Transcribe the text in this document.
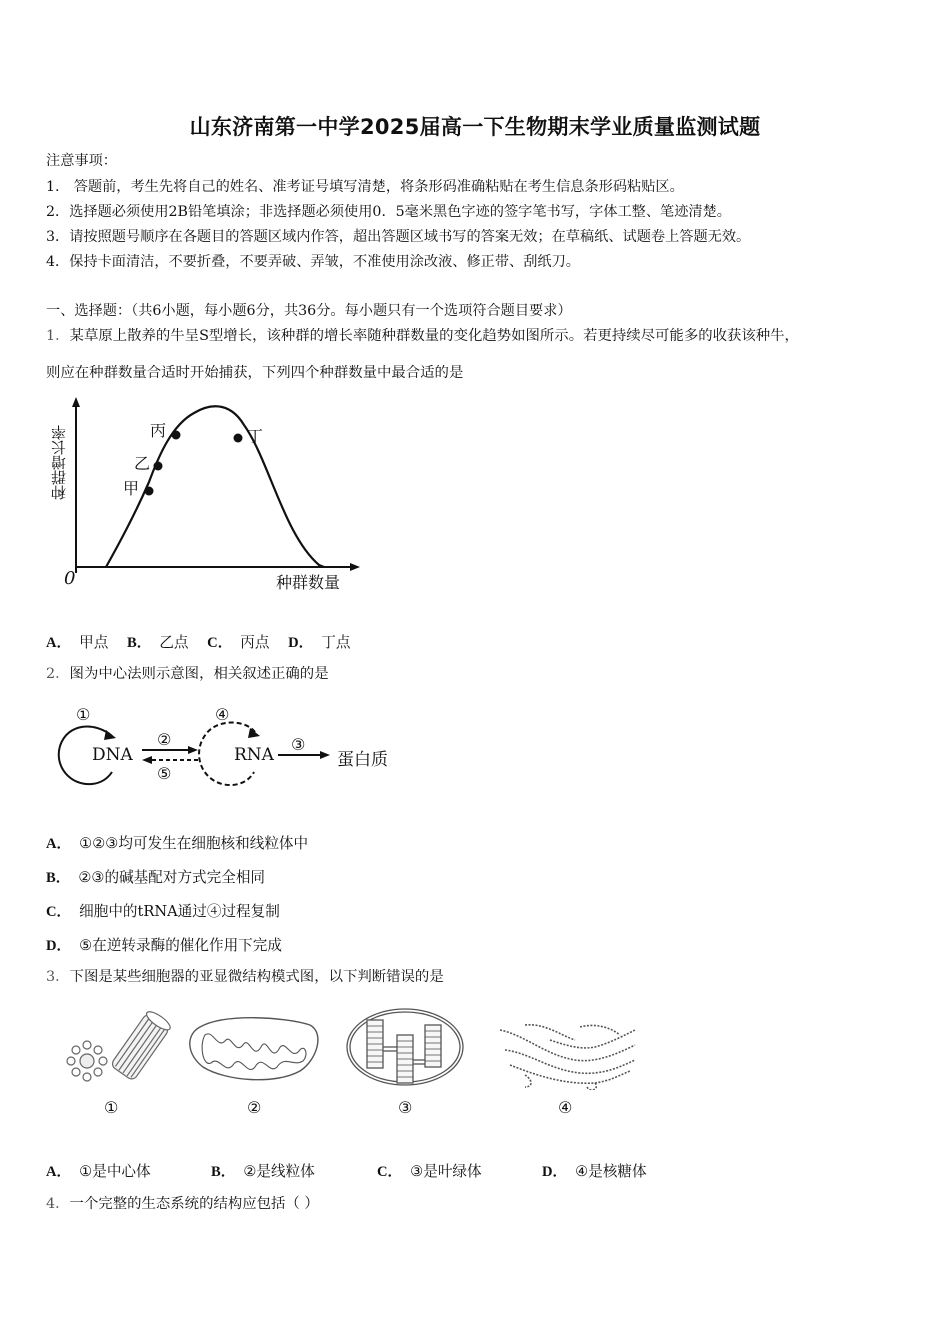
山东济南第一中学2025届高一下生物期末学业质量监测试题
注意事项：
1.　答题前，考生先将自己的姓名、准考证号填写清楚，将条形码准确粘贴在考生信息条形码粘贴区。
2．选择题必须使用2B铅笔填涂；非选择题必须使用0．5毫米黑色字迹的签字笔书写，字体工整、笔迹清楚。
3．请按照题号顺序在各题目的答题区域内作答，超出答题区域书写的答案无效；在草稿纸、试题卷上答题无效。
4．保持卡面清洁，不要折叠，不要弄破、弄皱，不准使用涂改液、修正带、刮纸刀。
一、选择题：（共6小题，每小题6分，共36分。每小题只有一个选项符合题目要求）
1．某草原上散养的牛呈S型增长，该种群的增长率随种群数量的变化趋势如图所示。若更持续尽可能多的收获该种牛，
则应在种群数量合适时开始捕获，下列四个种群数量中最合适的是
甲
乙
丙	丁
种群增长率
0	种群数量
A． 甲点 B． 乙点 C． 丙点 D． 丁点
2．图为中心法则示意图，相关叙述正确的是
DNA	RNA	蛋白质
①
②	③
④
⑤
A． ①②③均可发生在细胞核和线粒体中
B． ②③的碱基配对方式完全相同
C． 细胞中的tRNA通过④过程复制
D． ⑤在逆转录酶的催化作用下完成
3．下图是某些细胞器的亚显微结构模式图，以下判断错误的是
①	②	③	④
A． ①是中心体	B． ②是线粒体	C． ③是叶绿体	D． ④是核糖体
4．一个完整的生态系统的结构应包括（ ）
